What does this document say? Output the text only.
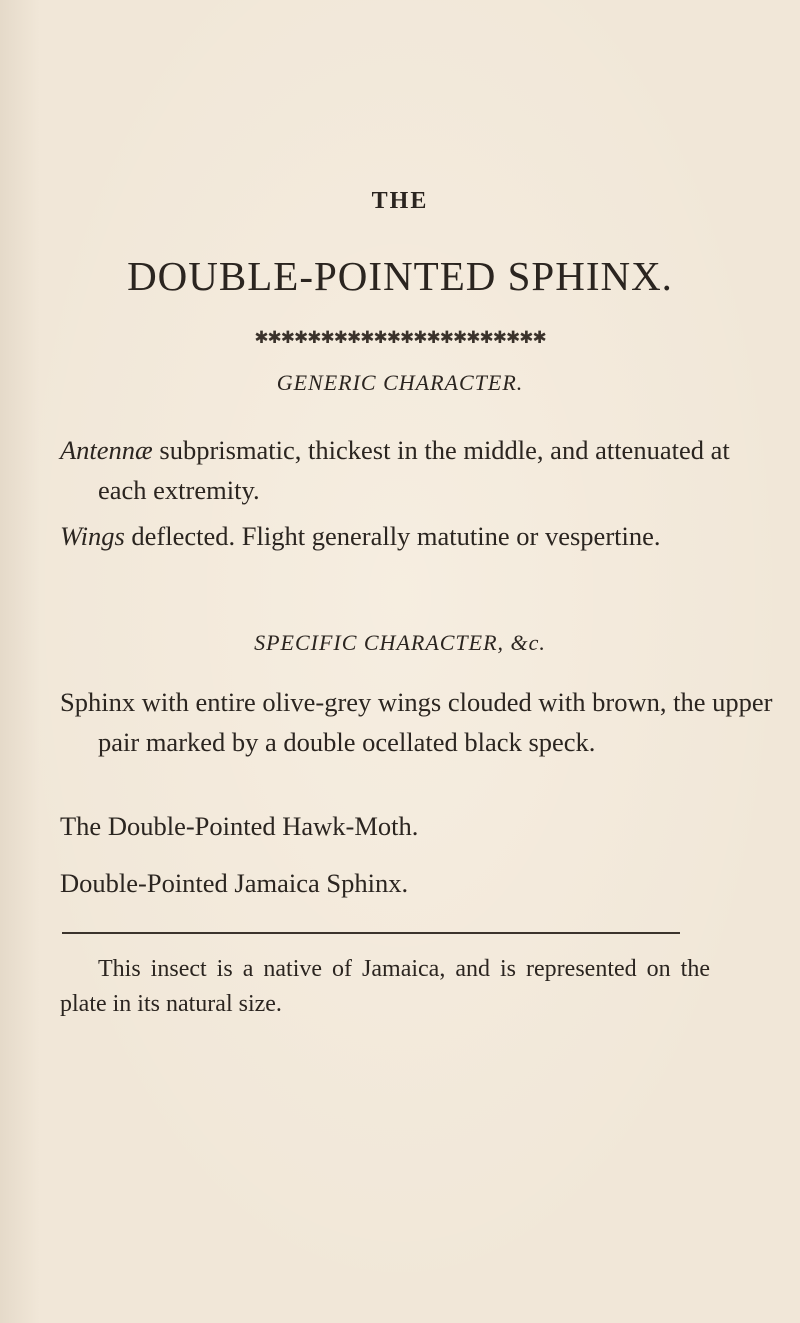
THE
DOUBLE-POINTED SPHINX.
✱✱✱✱✱✱✱✱✱✱✱✱✱✱✱✱✱✱✱✱✱✱
GENERIC CHARACTER.
Antennæ subprismatic, thickest in the middle, and attenuated at each extremity.
Wings deflected. Flight generally matutine or vespertine.
SPECIFIC CHARACTER, &c.
Sphinx with entire olive-grey wings clouded with brown, the upper pair marked by a double ocellated black speck.
The Double-Pointed Hawk-Moth.
Double-Pointed Jamaica Sphinx.
This insect is a native of Jamaica, and is represented on the plate in its natural size.
